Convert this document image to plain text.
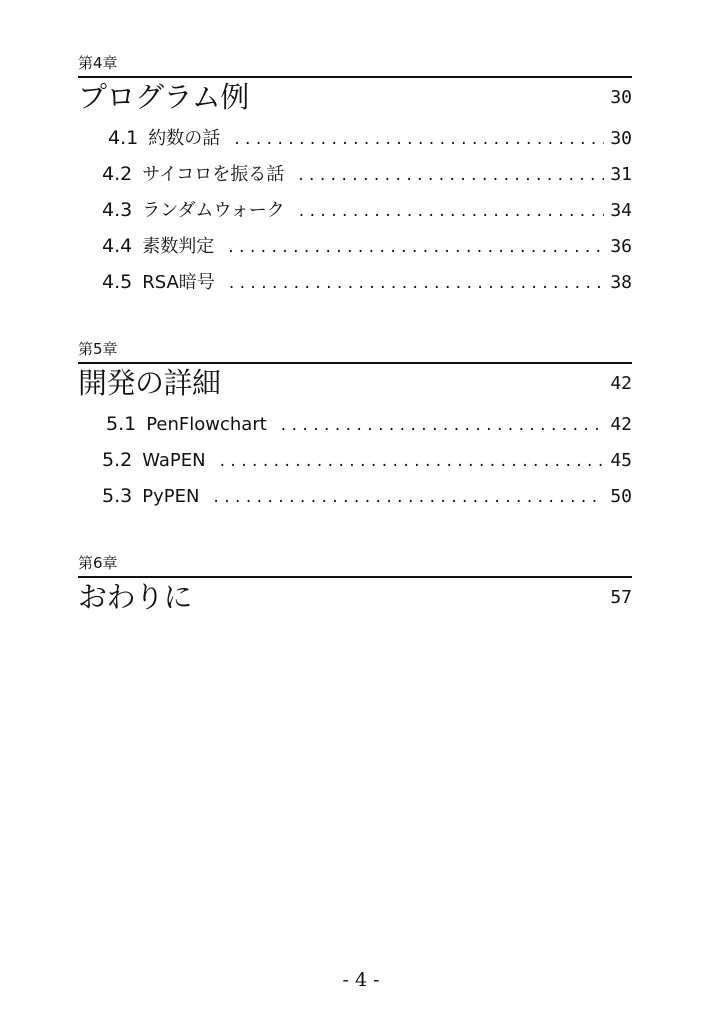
第4章
プログラム例	30
4.1 約数の話 . . .	30
4.2 サイコロを振る話 . . .	31
4.3 ランダムウォーク . . .	34
4.4 素数判定 . . .	36
4.5 RSA暗号 . . .	38
第5章
開発の詳細	42
5.1 PenFlowchart . . .	42
5.2 WaPEN . . .	45
5.3 PyPEN . . .	50
第6章
おわりに	57
- 4 -
